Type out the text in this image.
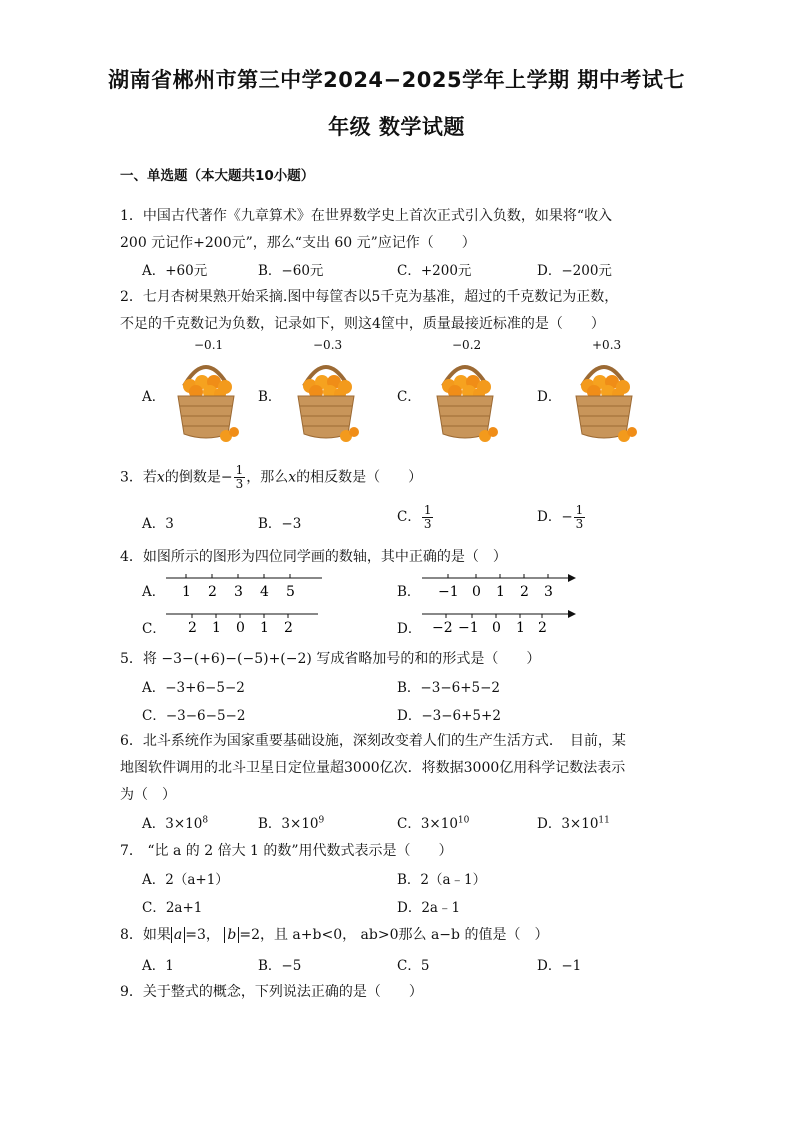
湖南省郴州市第三中学2024−2025学年上学期 期中考试七
年级 数学试题
一、单选题（本大题共10小题）
1．中国古代著作《九章算术》在世界数学史上首次正式引入负数，如果将“收入
200 元记作+200元”，那么“支出 60 元”应记作（　　）
A．+60元	B．−60元	C．+200元	D．−200元
2．七月杏树果熟开始采摘.图中每筐杏以5千克为基准，超过的千克数记为正数，
不足的千克数记为负数，记录如下，则这4筐中，质量最接近标准的是（　　）
A．	B．	C．	D．
−0.1	−0.3	−0.2	+0.3
3．若x的倒数是− $\frac{1}{3}$ ，那么x的相反数是（　　）
A．3	B．−3	C． $\frac{1}{3}$	D．− $\frac{1}{3}$
4．如图所示的图形为四位同学画的数轴，其中正确的是（　）
A．	B．
C．	D．
1 2 3 4 5	−1 0 1 2 3
2 1 0 1 2	−2 −1 0 1 2
5．将 −3−(+6)−(−5)+(−2) 写成省略加号的和的形式是（　　）
A．−3+6−5−2	B．−3−6+5−2
C．−3−6−5−2	D．−3−6+5+2
6．北斗系统作为国家重要基础设施，深刻改变着人们的生产生活方式．　目前，某
地图软件调用的北斗卫星日定位量超3000亿次．将数据3000亿用科学记数法表示
为（　）
A．$3\times 10^8$	B．$3\times 10^9$	C．$3\times 10^{10}$	D．$3\times 10^{11}$
7． “比 a 的 2 倍大 1 的数”用代数式表示是（　　）
A．2（a+1）	B．2（a﹣1）
C．2a+1	D．2a﹣1
8．如果 a =3， b =2，且 a+b<0， ab>0那么 a−b 的值是（　）
A．1	B．−5	C．5	D．−1
9．关于整式的概念，下列说法正确的是（　　）
